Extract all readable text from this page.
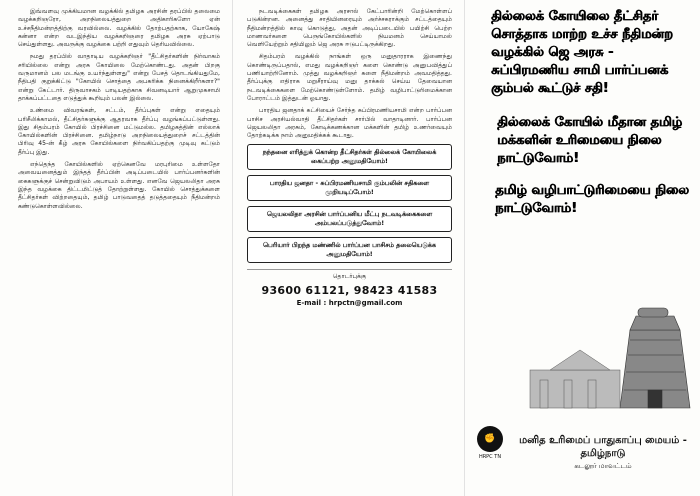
இவ்வளவு முக்கியமான வழக்கில் தமிழக அரசின் தரப்பில் தலைமை வழக்கறிஞரோ, அறநிலையத்துறை அதிகாரிகளோ ஏன் உச்சநீதிமன்றத்திற்கு வரவில்லை. வழக்கில் தோற்பதற்காக, யோகேஷ் கன்னா என்ற வடஇந்திய வழக்கறிஞரை தமிழக அரசு ஏற்பாடு செய்துள்ளது. அவருக்கு வழக்கை பற்றி எதுவும் தெரியவில்லை.

நமது தரப்பில் வாதாடிய வழக்கறிஞர் "தீட்சிதர்களின் நிர்வாகம் சரியில்லை என்று அரசு கோயிலை மேற்கொண்டது. அதன் பிறகு வருமானம் பல மடங்கு உயர்ந்துள்ளது" என்று பேசத் தொடங்கியதுமே, நீதிபதி குறுக்கிட்டு "கோயில் சொத்தை அபகரிக்க நினைக்கிறீர்களா?" என்று கேட்டார். திருவாசகம் பாடியதற்காக சிவனடியார் ஆறுமுகசாமி தாக்கப்பட்டதை எடுத்துக் கூறியும் பலன் இல்லை.

உண்மை விவரங்கள், சட்டம், தீர்ப்புகள் என்று எதையும் பரிசீலிக்காமல், தீட்சிதர்களுக்கு ஆதரவாக தீர்ப்பு வழங்கப்பட்டுள்ளது. இது சிதம்பரம் கோயில் பிரச்சினை மட்டுமல்ல. தமிழகத்தின் எல்லாக் கோயில்களின் பிரச்சினை. தமிழ்நாடு அறநிலையத்துறைச் சட்டத்தின் பிரிவு 45-ன் கீழ் அரசு கோயில்களை நிர்வகிப்பதற்கு முடிவு கட்டும் தீர்ப்பு இது.

எந்தெந்த கோயில்களில் ஏற்கெனவே மரபுரிமை உள்ளதோ அவையனைத்தும் இந்தத் தீர்ப்பின் அடிப்படையில் பார்ப்பனர்களின் கைகளுக்குச் சென்றுவிடும் அபாயம் உள்ளது. எனவே ஜெயலலிதா அரசு இந்த வழக்கை திட்டமிட்டுத் தோற்றுள்ளது. கோயில் சொத்துக்களை தீட்சிதர்கள் விற்றதையும், தமிழ் பாடுவதைத் தடுத்ததையும் நீதிமன்றம் கண்டுகொள்ளவில்லை.

நடவடிக்கைகள் தமிழக அரசால் கேட்பாரின்றி மேற்கொள்ளப் படுகின்றன. அனைத்து சாதியினரையும் அர்ச்சகராக்கும் சட்டத்தையும் நீதிமன்றத்தில் காவு கொடுத்து, அதன் அடிப்படையில் பயிற்சி பெற்ற மாணவர்களை பெருங்கோயில்களில் நியமனம் செய்யாமல் வெளியேற்றும் சதியிலும் ஜெ அரசு ஈடுபட்டிருக்கிறது.

சிதம்பரம் வழக்கில் நாங்கள் ஒரு மனுதாரராக இணைந்து கொண்டிருப்பதால், எமது வழக்கறிஞர் களை கொண்டு அனுபவித்துப் பணியாற்றினோம். முத்து வழக்கறிஞர் களை நீதிமன்றம் அவமதித்தது. தீர்ப்புக்கு எதிராக மறுசீராய்வு மனு தாக்கல் செய்ய தேவையான நடவடிக்கைகளை மேற்கொண்டுள்ளோம். தமிழ் வழிபாட்டுரிமைக்கான போராட்டம் இத்துடன் ஓயாது.

பாரதிய ஜனதாக் கட்சியைச் சேர்ந்த சுப்பிரமணியசாமி என்ற பார்ப்பன பாசிச அரசியல்வாதி தீட்சிதர்கள் சார்பில் வாதாடினார். பார்ப்பன ஜெயலலிதா அரசும், கோடிக்கணக்கான மக்களின் தமிழ் உணர்வையும் தோற்கடிக்க நாம் அனுமதிக்கக் கூடாது.

நந்தனை எரித்துக் கொன்ற தீட்சிதர்கள் தில்லைக் கோயிலைக் கைப்பற்ற அனுமதியோம்!
பாரதிய ஜனதா - சுப்பிரமணியசாமி கும்பலின் சதிகளை முறியடிப்போம்!
ஜெயலலிதா அரசின் பார்ப்பனிய மீட்பு நடவடிக்கைகளை அம்பலப்படுத்துவோம்!
பெரியார் பிறந்த மண்ணில் பார்ப்பன பாசிசம் தலையெடுக்க அனுமதியோம்!
தொடர்புக்கு
93600 61121, 98423 41583
E-mail : hrpctn@gmail.com
தில்லைக் கோயிலை தீட்சிதர் சொத்தாக மாற்ற உச்ச நீதிமன்ற வழக்கில் ஜெ அரசு - சுப்பிரமணிய சாமி பார்ப்பனக் கும்பல் கூட்டுச் சதி!
தில்லைக் கோயில் மீதான தமிழ் மக்களின் உரிமையை நிலை நாட்டுவோம்!
தமிழ் வழிபாட்டுரிமையை நிலை நாட்டுவோம்!
✊
HRPC TN
மனித உரிமைப் பாதுகாப்பு மையம் - தமிழ்நாடு
கடலூர் மாவட்டம்
